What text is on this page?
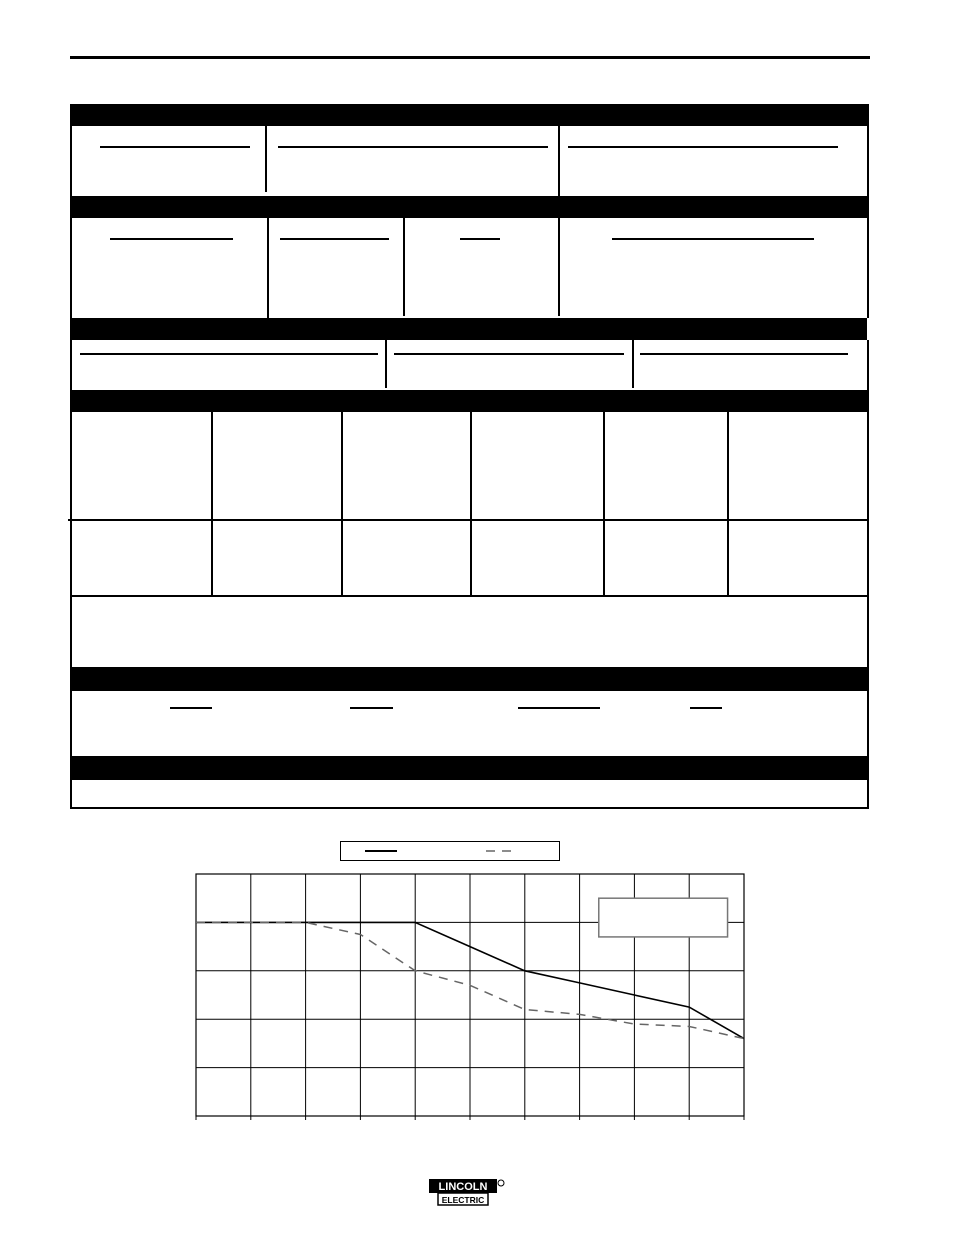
LINCOLN
ELECTRIC
